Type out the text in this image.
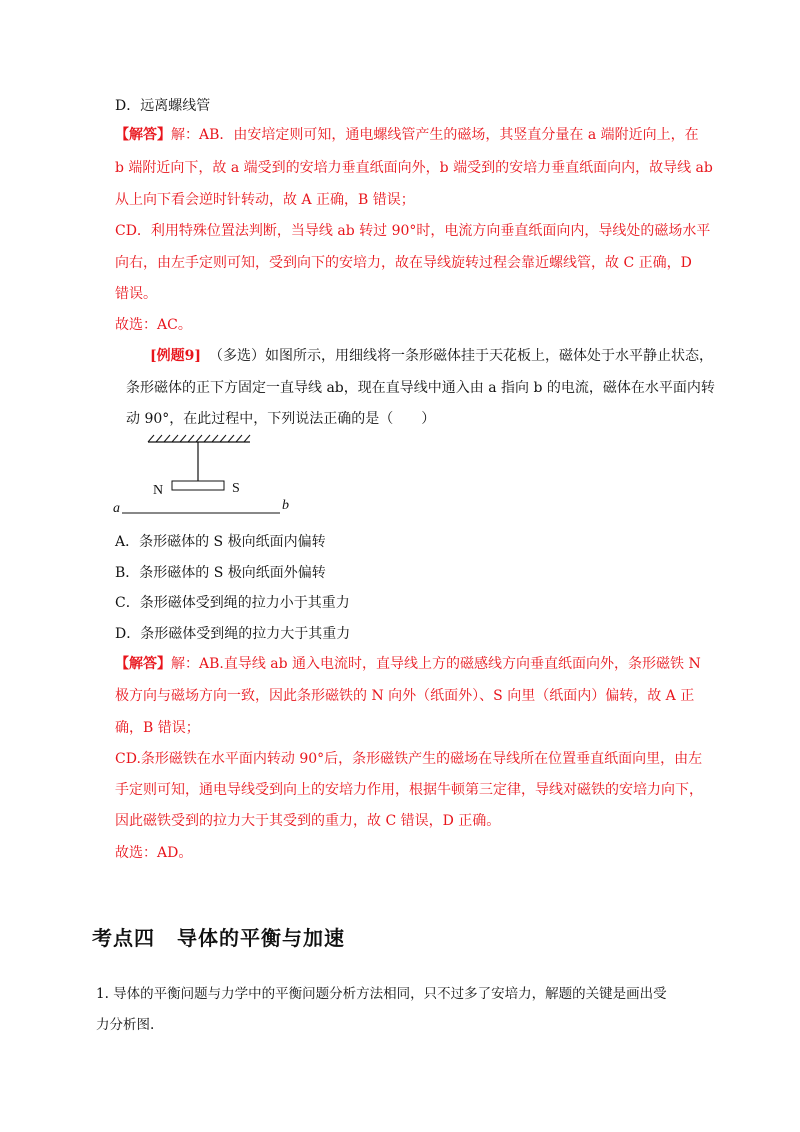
D．远离螺线管
【解答】解：AB．由安培定则可知，通电螺线管产生的磁场，其竖直分量在 a 端附近向上，在
b 端附近向下，故 a 端受到的安培力垂直纸面向外，b 端受到的安培力垂直纸面向内，故导线 ab
从上向下看会逆时针转动，故 A 正确，B 错误；
CD．利用特殊位置法判断，当导线 ab 转过 90°时，电流方向垂直纸面向内，导线处的磁场水平
向右，由左手定则可知，受到向下的安培力，故在导线旋转过程会靠近螺线管，故 C 正确，D
错误。
故选：AC。
[例题9] （多选）如图所示，用细线将一条形磁体挂于天花板上，磁体处于水平静止状态，
条形磁体的正下方固定一直导线 ab，现在直导线中通入由 a 指向 b 的电流，磁体在水平面内转
动 90°，在此过程中，下列说法正确的是（　　）
N	S
a	b
A．条形磁体的 S 极向纸面内偏转
B．条形磁体的 S 极向纸面外偏转
C．条形磁体受到绳的拉力小于其重力
D．条形磁体受到绳的拉力大于其重力
【解答】解：AB.直导线 ab 通入电流时，直导线上方的磁感线方向垂直纸面向外，条形磁铁 N
极方向与磁场方向一致，因此条形磁铁的 N 向外（纸面外）、S 向里（纸面内）偏转，故 A 正
确，B 错误；
CD.条形磁铁在水平面内转动 90°后，条形磁铁产生的磁场在导线所在位置垂直纸面向里，由左
手定则可知，通电导线受到向上的安培力作用，根据牛顿第三定律，导线对磁铁的安培力向下，
因此磁铁受到的拉力大于其受到的重力，故 C 错误，D 正确。
故选：AD。
考点四 导体的平衡与加速
1. 导体的平衡问题与力学中的平衡问题分析方法相同，只不过多了安培力，解题的关键是画出受
力分析图.
